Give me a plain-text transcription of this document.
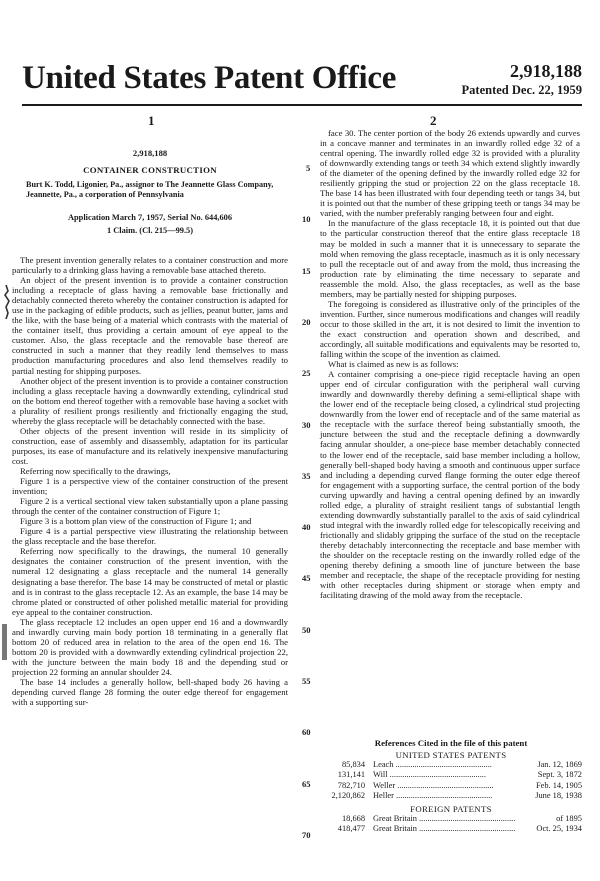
United States Patent Office	2,918,188
Patented Dec. 22, 1959
1	2
2,918,188
CONTAINER CONSTRUCTION
Burt K. Todd, Ligonier, Pa., assignor to The Jeannette Glass Company, Jeannette, Pa., a corporation of Pennsylvania
Application March 7, 1957, Serial No. 644,606
1 Claim. (Cl. 215—99.5)

The present invention generally relates to a container construction and more particularly to a drinking glass having a removable base attached thereto.

An object of the present invention is to provide a container construction including a receptacle of glass having a removable base frictionally and detachably connected thereto whereby the container construction is adapted for use in the packaging of edible products, such as jellies, peanut butter, jams and the like, with the base being of a material which contrasts with the material of the container itself, thus providing a certain amount of eye appeal to the customer. Also, the glass receptacle and the removable base thereof are constructed in such a manner that they readily lend themselves to mass production manufacturing procedures and also lend themselves readily to partial nesting for shipping purposes.

Another object of the present invention is to provide a container construction including a glass receptacle having a downwardly extending, cylindrical stud on the bottom end thereof together with a removable base having a socket with a plurality of resilient prongs resiliently and frictionally engaging the stud, whereby the glass receptacle will be detachably connected with the base.

Other objects of the present invention will reside in its simplicity of construction, ease of assembly and disassembly, adaptation for its particular purposes, its ease of manufacture and its relatively inexpensive manufacturing cost.

Referring now specifically to the drawings,

Figure 1 is a perspective view of the container construction of the present invention;

Figure 2 is a vertical sectional view taken substantially upon a plane passing through the center of the container construction of Figure 1;

Figure 3 is a bottom plan view of the construction of Figure 1; and

Figure 4 is a partial perspective view illustrating the relationship between the glass receptacle and the base therefor.

Referring now specifically to the drawings, the numeral 10 generally designates the container construction of the present invention, with the numeral 12 designating a glass receptacle and the numeral 14 generally designating a base therefor. The base 14 may be constructed of metal or plastic and is in contrast to the glass receptacle 12. As an example, the base 14 may be chrome plated or constructed of other polished metallic material for providing eye appeal to the container construction.

The glass receptacle 12 includes an open upper end 16 and a downwardly and inwardly curving main body portion 18 terminating in a generally flat bottom 20 of reduced area in relation to the area of the open end 16. The bottom 20 is provided with a downwardly extending cylindrical projection 22, with the juncture between the main body 18 and the depending stud or projection 22 forming an annular shoulder 24.

The base 14 includes a generally hollow, bell-shaped body 26 having a depending curved flange 28 forming the outer edge thereof for engagement with a supporting sur-

face 30. The center portion of the body 26 extends upwardly and curves in a concave manner and terminates in an inwardly rolled edge 32 of a central opening. The inwardly rolled edge 32 is provided with a plurality of downwardly extending tangs or teeth 34 which extend slightly inwardly of the diameter of the opening defined by the inwardly rolled edge 32 for resiliently gripping the stud or projection 22 on the glass receptacle 18. The base 14 has been illustrated with four depending teeth or tangs 34, but it is pointed out that the number of these gripping teeth or tangs 34 may be varied, with the number preferably ranging between four and eight.

In the manufacture of the glass receptacle 18, it is pointed out that due to the particular construction thereof that the entire glass receptacle 18 may be molded in such a manner that it is unnecessary to separate the mold when removing the glass receptacle, inasmuch as it is only necessary to pull the receptacle out of and away from the mold, thus increasing the production rate by eliminating the time necessary to separate and reassemble the mold. Also, the glass receptacles, as well as the base members, may be partially nested for shipping purposes.

The foregoing is considered as illustrative only of the principles of the invention. Further, since numerous modifications and changes will readily occur to those skilled in the art, it is not desired to limit the invention to the exact construction and operation shown and described, and accordingly, all suitable modifications and equivalents may be resorted to, falling within the scope of the invention as claimed.

What is claimed as new is as follows:

A container comprising a one-piece rigid receptacle having an open upper end of circular configuration with the peripheral wall curving inwardly and downwardly thereby defining a semi-elliptical shape with the lower end of the receptacle being closed, a cylindrical stud projecting downwardly from the lower end of receptacle and of the same material as the receptacle with the surface thereof being substantially smooth, the juncture between the stud and the receptacle defining a downwardly facing annular shoulder, a one-piece base member detachably connected to the lower end of the receptacle, said base member including a hollow, generally bell-shaped body having a smooth and continuous upper surface and including a depending curved flange forming the outer edge thereof for engagement with a supporting surface, the central portion of the body curving upwardly and having a central opening defined by an inwardly rolled edge, a plurality of straight resilient tangs of substantial length extending downwardly substantially parallel to the axis of said cylindrical stud integral with the inwardly rolled edge for telescopically receiving and frictionally and slidably gripping the surface of the stud on the receptacle thereby detachably interconnecting the receptacle and base member with the shoulder on the receptacle resting on the inwardly rolled edge of the opening thereby defining a smooth line of juncture between the base member and receptacle, the shape of the receptacle providing for nesting with other receptacles during shipment or storage when empty and facilitating drawing of the mold away from the receptacle.

5
10
15
20
25
30
35
40
45
50
55
60
65
70
References Cited in the file of this patent
UNITED STATES PATENTS
85,834 Leach .....	Jan. 12, 1869
131,141 Will .....	Sept. 3, 1872
782,710 Weller .....	Feb. 14, 1905
2,120,862 Heller .....	June 18, 1938
FOREIGN PATENTS
18,668 Great Britain .....	of 1895
418,477 Great Britain .....	Oct. 25, 1934
